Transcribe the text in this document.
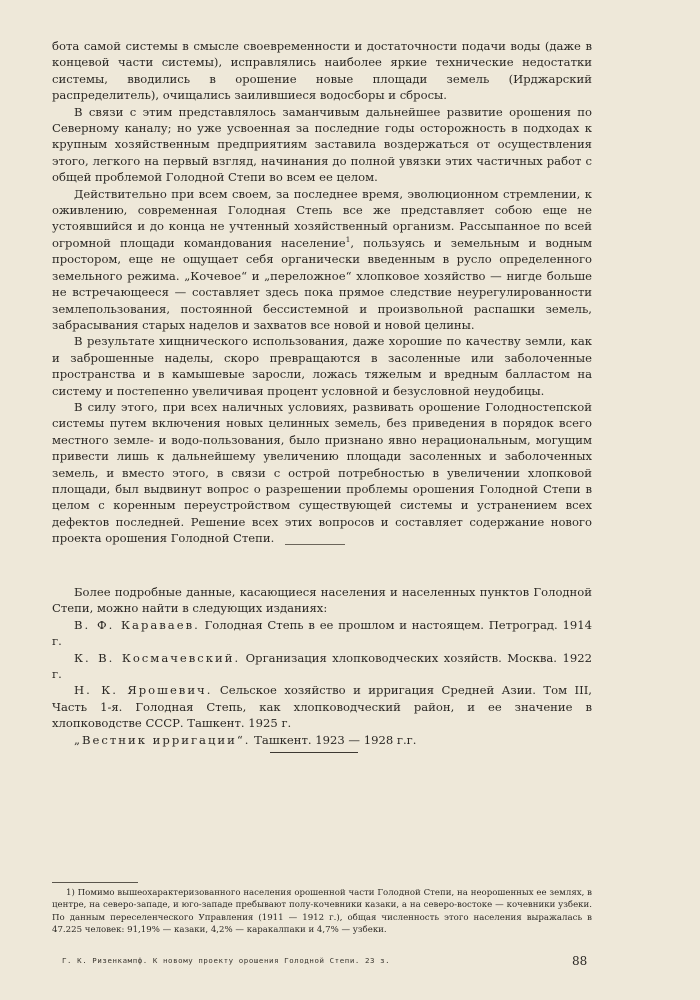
бота самой системы в смысле своевременности и достаточности подачи воды (даже в концевой части системы), исправлялись наиболее яркие технические недостатки системы, вводились в орошение новые площади земель (Ирджарский распределитель), очищались заилившиеся водосборы и сбросы.

В связи с этим представлялось заманчивым дальнейшее развитие орошения по Северному каналу; но уже усвоенная за последние годы осторожность в подходах к крупным хозяйственным предприятиям заставила воздержаться от осуществления этого, легкого на первый взгляд, начинания до полной увязки этих частичных работ с общей проблемой Голодной Степи во всем ее целом.

Действительно при всем своем, за последнее время, эволюционном стремлении, к оживлению, современная Голодная Степь все же представляет собою еще не устоявшийся и до конца не учтенный хозяйственный организм. Рассыпанное по всей огромной площади командования население$^1$, пользуясь и земельным и водным простором, еще не ощущает себя органически введенным в русло определенного земельного режима. „Кочевое“ и „переложное“ хлопковое хозяйство — нигде больше не встречающееся — составляет здесь пока прямое следствие неурегулированности землепользования, постоянной бессистемной и произвольной распашки земель, забрасывания старых наделов и захватов все новой и новой целины.

В результате хищнического использования, даже хорошие по качеству земли, как и заброшенные наделы, скоро превращаются в засоленные или заболоченные пространства и в камышевые заросли, ложась тяжелым и вредным балластом на систему и постепенно увеличивая процент условной и безусловной неудобицы.

В силу этого, при всех наличных условиях, развивать орошение Голодностепской системы путем включения новых целинных земель, без приведения в порядок всего местного земле- и водо-пользования, было признано явно нерациональным, могущим привести лишь к дальнейшему увеличению площади засоленных и заболоченных земель, и вместо этого, в связи с острой потребностью в увеличении хлопковой площади, был выдвинут вопрос о разрешении проблемы орошения Голодной Степи в целом с коренным переустройством существующей системы и устранением всех дефектов последней. Решение всех этих вопросов и составляет содержание нового проекта орошения Голодной Степи.

Более подробные данные, касающиеся населения и населенных пунктов Голодной Степи, можно найти в следующих изданиях:

В. Ф. Караваев. Голодная Степь в ее прошлом и настоящем. Петроград. 1914 г.

К. В. Космачевский. Организация хлопководческих хозяйств. Москва. 1922 г.

Н. К. Ярошевич. Сельское хозяйство и ирригация Средней Азии. Том III, Часть 1-я. Голодная Степь, как хлопководческий район, и ее значение в хлопководстве СССР. Ташкент. 1925 г.

„Вестник ирригации“. Ташкент. 1923 — 1928 г.г.

1) Помимо вышеохарактеризованного населения орошенной части Голодной Степи, на неорошенных ее землях, в центре, на северо-западе, и юго-западе пребывают полу-кочевники казаки, а на северо-востоке — кочевники узбеки. По данным переселенческого Управления (1911 — 1912 г.), общая численность этого населения выражалась в 47.225 человек: 91,19% — казаки, 4,2% — каракалпаки и 4,7% — узбеки.

Г. К. Ризенкампф. К новому проекту орошения Голодной Степи. 23 з.	88
